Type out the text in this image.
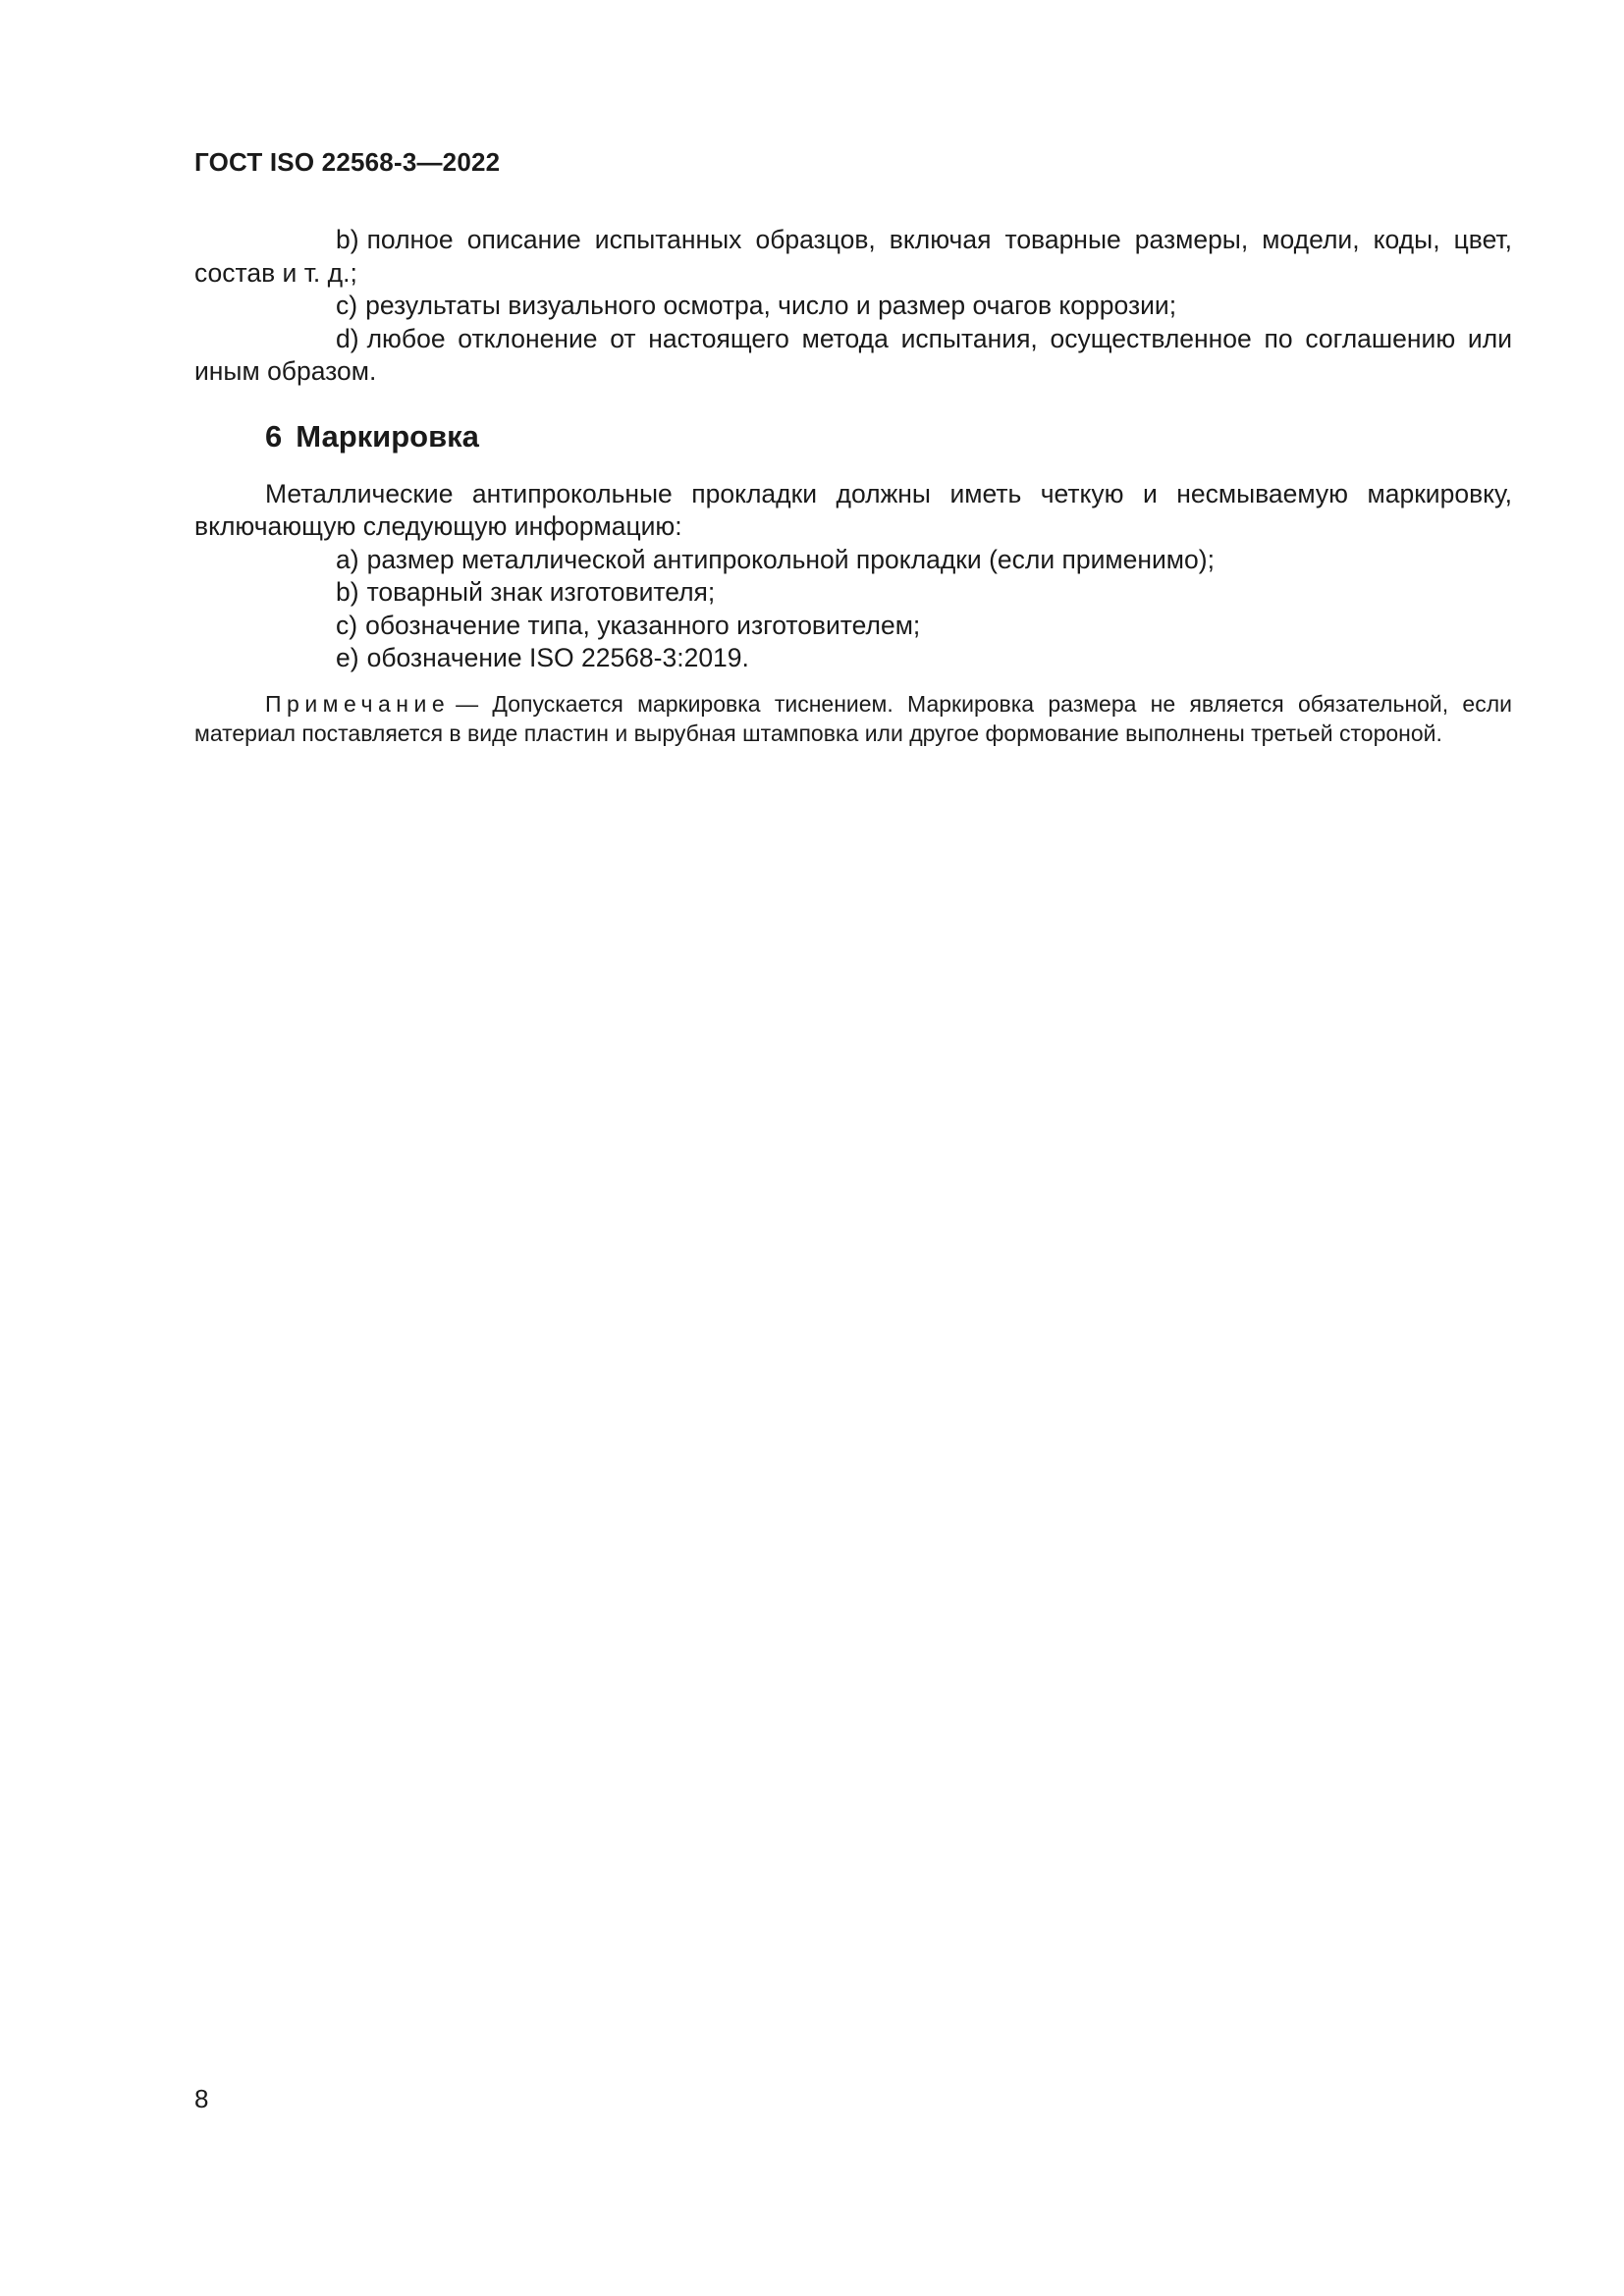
ГОСТ ISO 22568-3—2022

b) полное описание испытанных образцов, включая товарные размеры, модели, коды, цвет, состав и т. д.;

c) результаты визуального осмотра, число и размер очагов коррозии;

d) любое отклонение от настоящего метода испытания, осуществленное по соглашению или иным образом.

6 Маркировка

Металлические антипрокольные прокладки должны иметь четкую и несмываемую маркировку, включающую следующую информацию:

a) размер металлической антипрокольной прокладки (если применимо);

b) товарный знак изготовителя;

c) обозначение типа, указанного изготовителем;

e) обозначение ISO 22568-3:2019.

Примечание — Допускается маркировка тиснением. Маркировка размера не является обязательной, если материал поставляется в виде пластин и вырубная штамповка или другое формование выполнены третьей стороной.

8
